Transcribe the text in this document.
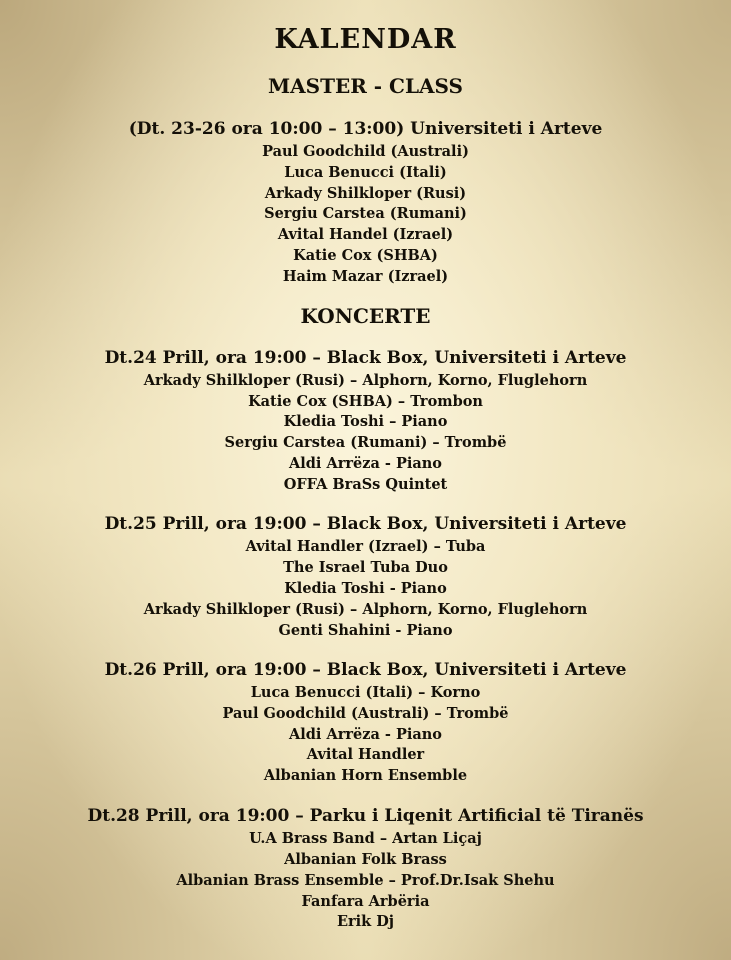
KALENDAR
MASTER - CLASS
(Dt. 23-26 ora 10:00 – 13:00) Universiteti i Arteve
Paul Goodchild (Australi)
Luca Benucci (Itali)
Arkady Shilkloper (Rusi)
Sergiu Carstea (Rumani)
Avital Handel (Izrael)
Katie Cox (SHBA)
Haim Mazar (Izrael)
KONCERTE
Dt.24 Prill, ora 19:00 – Black Box, Universiteti i Arteve
Arkady Shilkloper (Rusi) – Alphorn, Korno, Fluglehorn
Katie Cox (SHBA) – Trombon
Kledia Toshi – Piano
Sergiu Carstea (Rumani) – Trombë
Aldi Arrëza - Piano
OFFA BraSs Quintet
Dt.25 Prill, ora 19:00 – Black Box, Universiteti i Arteve
Avital Handler (Izrael) – Tuba
The Israel Tuba Duo
Kledia Toshi - Piano
Arkady Shilkloper (Rusi) – Alphorn, Korno, Fluglehorn
Genti Shahini - Piano
Dt.26 Prill, ora 19:00 – Black Box, Universiteti i Arteve
Luca Benucci (Itali) – Korno
Paul Goodchild (Australi) – Trombë
Aldi Arrëza - Piano
Avital Handler
Albanian Horn Ensemble
Dt.28 Prill, ora 19:00 – Parku i Liqenit Artificial të Tiranës
U.A Brass Band – Artan Liçaj
Albanian Folk Brass
Albanian Brass Ensemble – Prof.Dr.Isak Shehu
Fanfara Arbëria
Erik Dj
